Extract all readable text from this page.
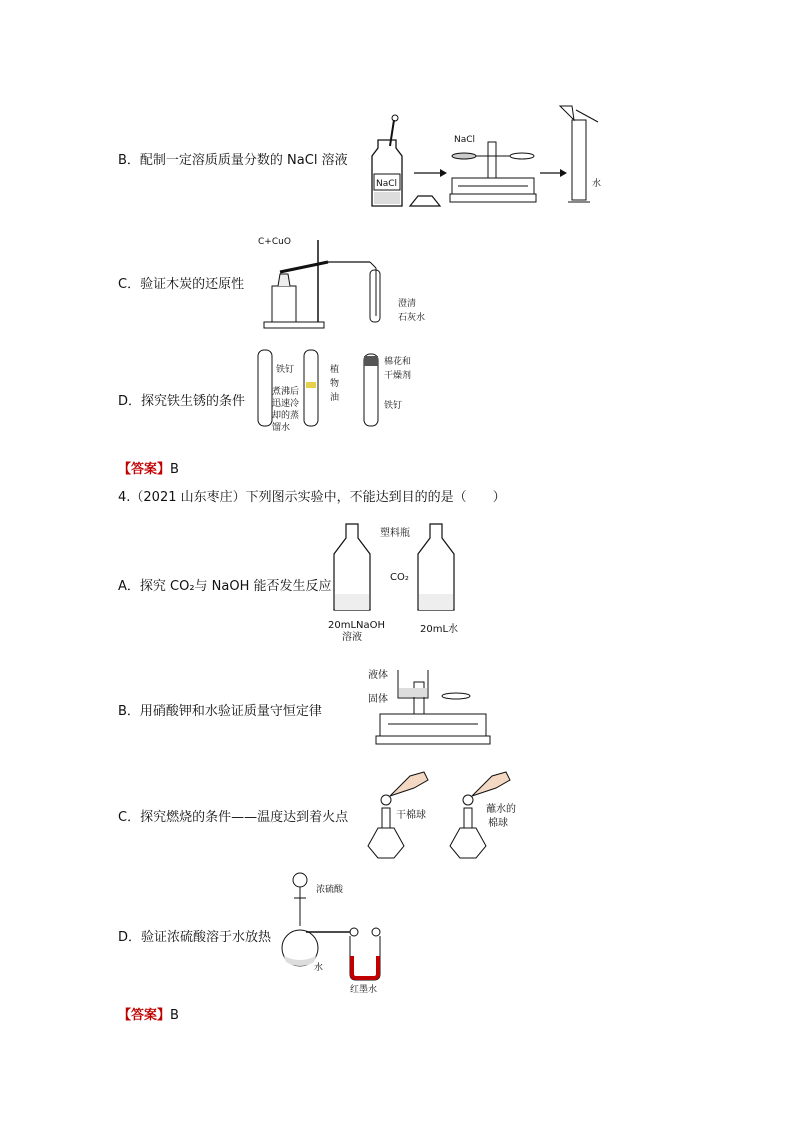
B．配制一定溶质质量分数的 NaCl 溶液
NaCl
NaCl
水
C．验证木炭的还原性
C+CuO
澄清
石灰水
D．探究铁生锈的条件
铁钉
煮沸后
迅速冷
却的蒸
馏水
植
物
油
棉花和
干燥剂
铁钉
【答案】B
4.（2021 山东枣庄）下列图示实验中，不能达到目的的是（　　）
A．探究 CO₂与 NaOH 能否发生反应
塑料瓶
CO₂
20mLNaOH
溶液
20mL水
B．用硝酸钾和水验证质量守恒定律
液体
固体
C．探究燃烧的条件——温度达到着火点	干棉球
蘸水的
棉球
D．验证浓硫酸溶于水放热
浓硫酸
水
红墨水
【答案】B
